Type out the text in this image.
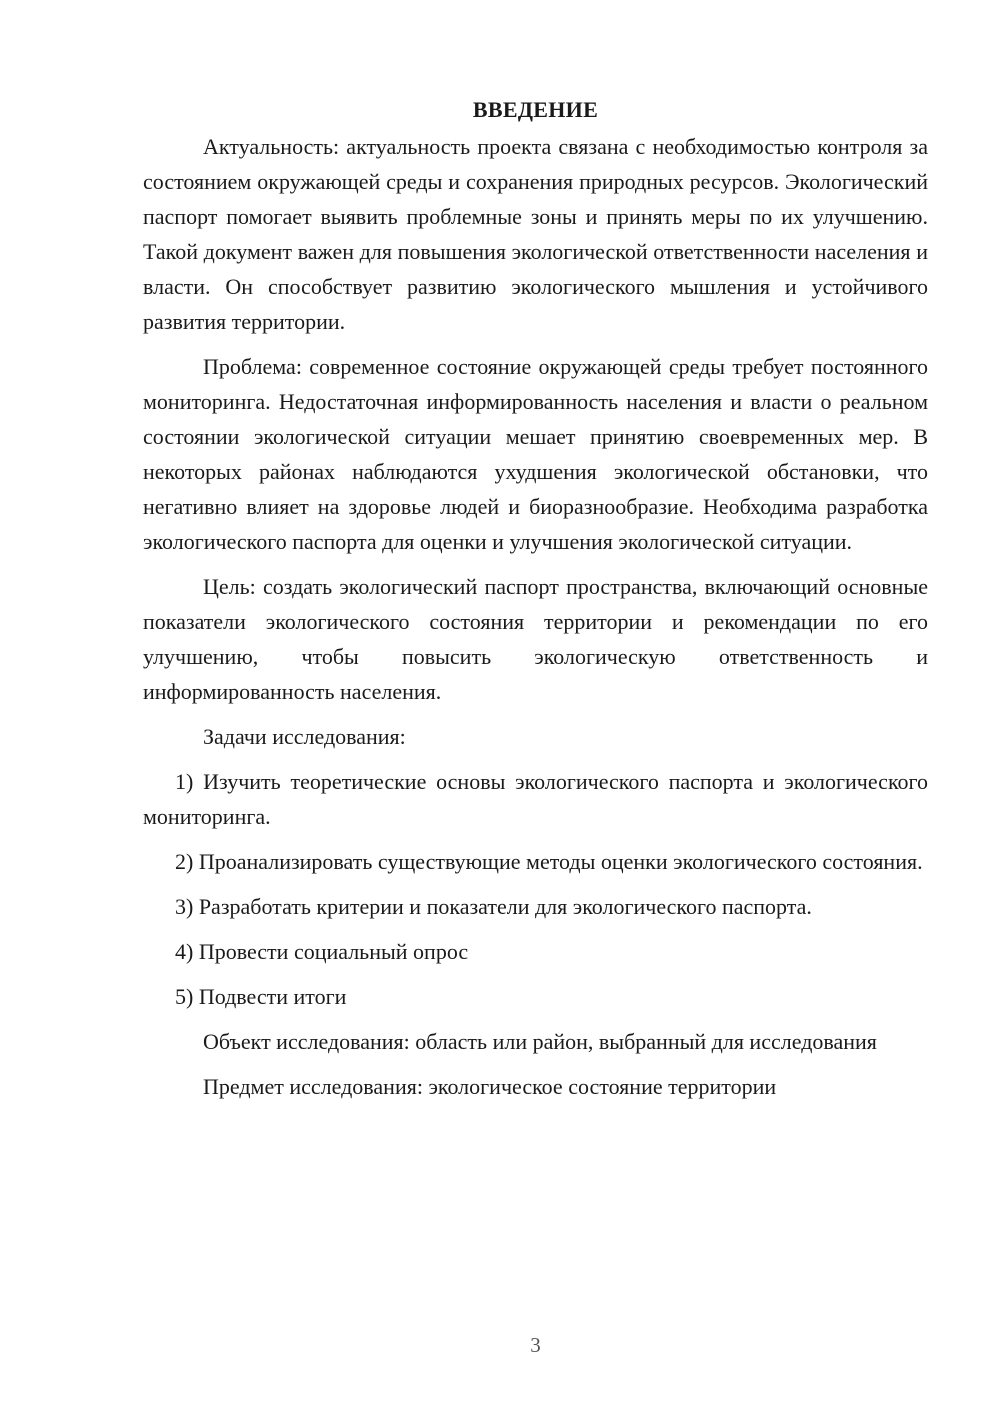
ВВЕДЕНИЕ

Актуальность: актуальность проекта связана с необходимостью контроля за состоянием окружающей среды и сохранения природных ресурсов. Экологический паспорт помогает выявить проблемные зоны и принять меры по их улучшению. Такой документ важен для повышения экологической ответственности населения и власти. Он способствует развитию экологического мышления и устойчивого развития территории.

Проблема: современное состояние окружающей среды требует постоянного мониторинга. Недостаточная информированность населения и власти о реальном состоянии экологической ситуации мешает принятию своевременных мер. В некоторых районах наблюдаются ухудшения экологической обстановки, что негативно влияет на здоровье людей и биоразнообразие. Необходима разработка экологического паспорта для оценки и улучшения экологической ситуации.

Цель: создать экологический паспорт пространства, включающий основные показатели экологического состояния территории и рекомендации по его улучшению, чтобы повысить экологическую ответственность и информированность населения.

Задачи исследования:

1) Изучить теоретические основы экологического паспорта и экологического мониторинга.

2) Проанализировать существующие методы оценки экологического состояния.

3) Разработать критерии и показатели для экологического паспорта.

4) Провести социальный опрос

5) Подвести итоги

Объект исследования: область или район, выбранный для исследования

Предмет исследования: экологическое состояние территории

3
